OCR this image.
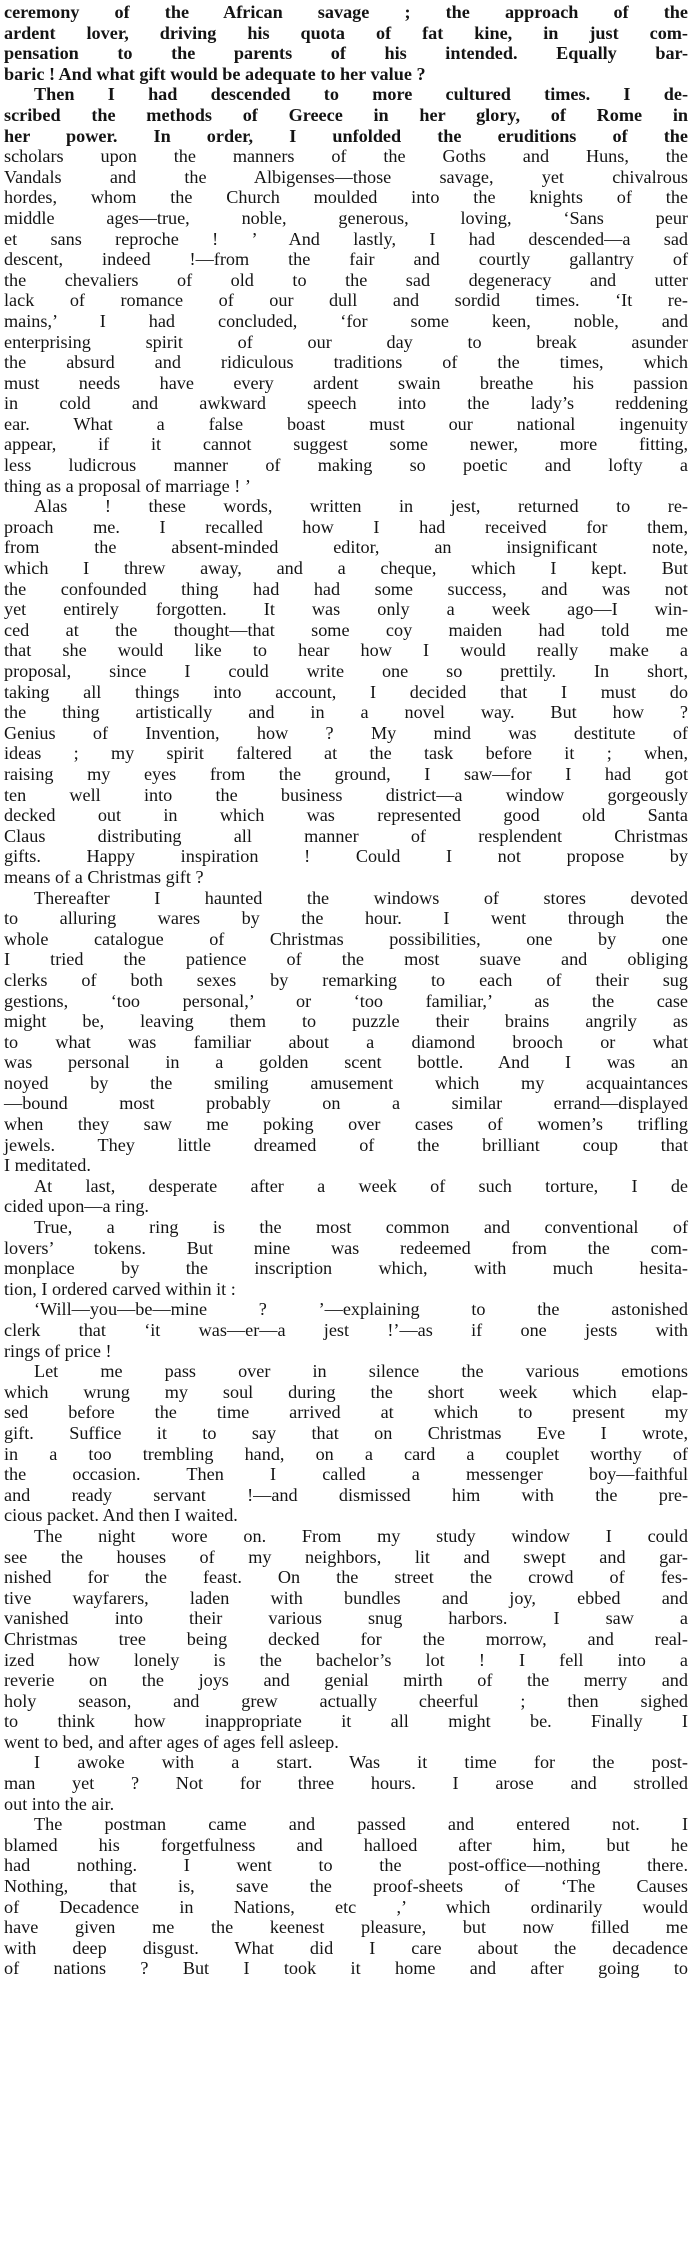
ceremony of the African savage ; the approach of the
ardent lover, driving his quota of fat kine, in just com-
pensation to the parents of his intended. Equally bar-
baric ! And what gift would be adequate to her value ?
Then I had descended to more cultured times. I de-
scribed the methods of Greece in her glory, of Rome in
her power. In order, I unfolded the eruditions of the
scholars upon the manners of the Goths and Huns, the
Vandals and the Albigenses—those savage, yet chivalrous
hordes, whom the Church moulded into the knights of the
middle ages—true, noble, generous, loving, ‘Sans peur
et sans reproche ! ’ And lastly, I had descended—a sad
descent, indeed !—from the fair and courtly gallantry of
the chevaliers of old to the sad degeneracy and utter
lack of romance of our dull and sordid times. ‘It re-
mains,’ I had concluded, ‘for some keen, noble, and
enterprising spirit of our day to break asunder
the absurd and ridiculous traditions of the times, which
must needs have every ardent swain breathe his passion
in cold and awkward speech into the lady’s reddening
ear. What a false boast must our national ingenuity
appear, if it cannot suggest some newer, more fitting,
less ludicrous manner of making so poetic and lofty a
thing as a proposal of marriage ! ’
Alas ! these words, written in jest, returned to re-
proach me. I recalled how I had received for them,
from the absent-minded editor, an insignificant note,
which I threw away, and a cheque, which I kept. But
the confounded thing had had some success, and was not
yet entirely forgotten. It was only a week ago—I win-
ced at the thought—that some coy maiden had told me
that she would like to hear how I would really make a
proposal, since I could write one so prettily. In short,
taking all things into account, I decided that I must do
the thing artistically and in a novel way. But how ?
Genius of Invention, how ? My mind was destitute of
ideas ; my spirit faltered at the task before it ; when,
raising my eyes from the ground, I saw—for I had got
ten well into the business district—a window gorgeously
decked out in which was represented good old Santa
Claus distributing all manner of resplendent Christmas
gifts. Happy inspiration ! Could I not propose by
means of a Christmas gift ?
Thereafter I haunted the windows of stores devoted
to alluring wares by the hour. I went through the
whole catalogue of Christmas possibilities, one by one
I tried the patience of the most suave and obliging
clerks of both sexes by remarking to each of their sug
gestions, ‘too personal,’ or ‘too familiar,’ as the case
might be, leaving them to puzzle their brains angrily as
to what was familiar about a diamond brooch or what
was personal in a golden scent bottle. And I was an
noyed by the smiling amusement which my acquaintances
—bound most probably on a similar errand—displayed
when they saw me poking over cases of women’s trifling
jewels. They little dreamed of the brilliant coup that
I meditated.
At last, desperate after a week of such torture, I de
cided upon—a ring.
True, a ring is the most common and conventional of
lovers’ tokens. But mine was redeemed from the com-
monplace by the inscription which, with much hesita-
tion, I ordered carved within it :
‘Will—you—be—mine ? ’—explaining to the astonished
clerk that ‘it was—er—a jest !’—as if one jests with
rings of price !
Let me pass over in silence the various emotions
which wrung my soul during the short week which elap-
sed before the time arrived at which to present my
gift. Suffice it to say that on Christmas Eve I wrote,
in a too trembling hand, on a card a couplet worthy of
the occasion. Then I called a messenger boy—faithful
and ready servant !—and dismissed him with the pre-
cious packet. And then I waited.
The night wore on. From my study window I could
see the houses of my neighbors, lit and swept and gar-
nished for the feast. On the street the crowd of fes-
tive wayfarers, laden with bundles and joy, ebbed and
vanished into their various snug harbors. I saw a
Christmas tree being decked for the morrow, and real-
ized how lonely is the bachelor’s lot ! I fell into a
reverie on the joys and genial mirth of the merry and
holy season, and grew actually cheerful ; then sighed
to think how inappropriate it all might be. Finally I
went to bed, and after ages of ages fell asleep.
I awoke with a start. Was it time for the post-
man yet ? Not for three hours. I arose and strolled
out into the air.
The postman came and passed and entered not. I
blamed his forgetfulness and halloed after him, but he
had nothing. I went to the post-office—nothing there.
Nothing, that is, save the proof-sheets of ‘The Causes
of Decadence in Nations, etc ,’ which ordinarily would
have given me the keenest pleasure, but now filled me
with deep disgust. What did I care about the decadence
of nations ? But I took it home and after going to
